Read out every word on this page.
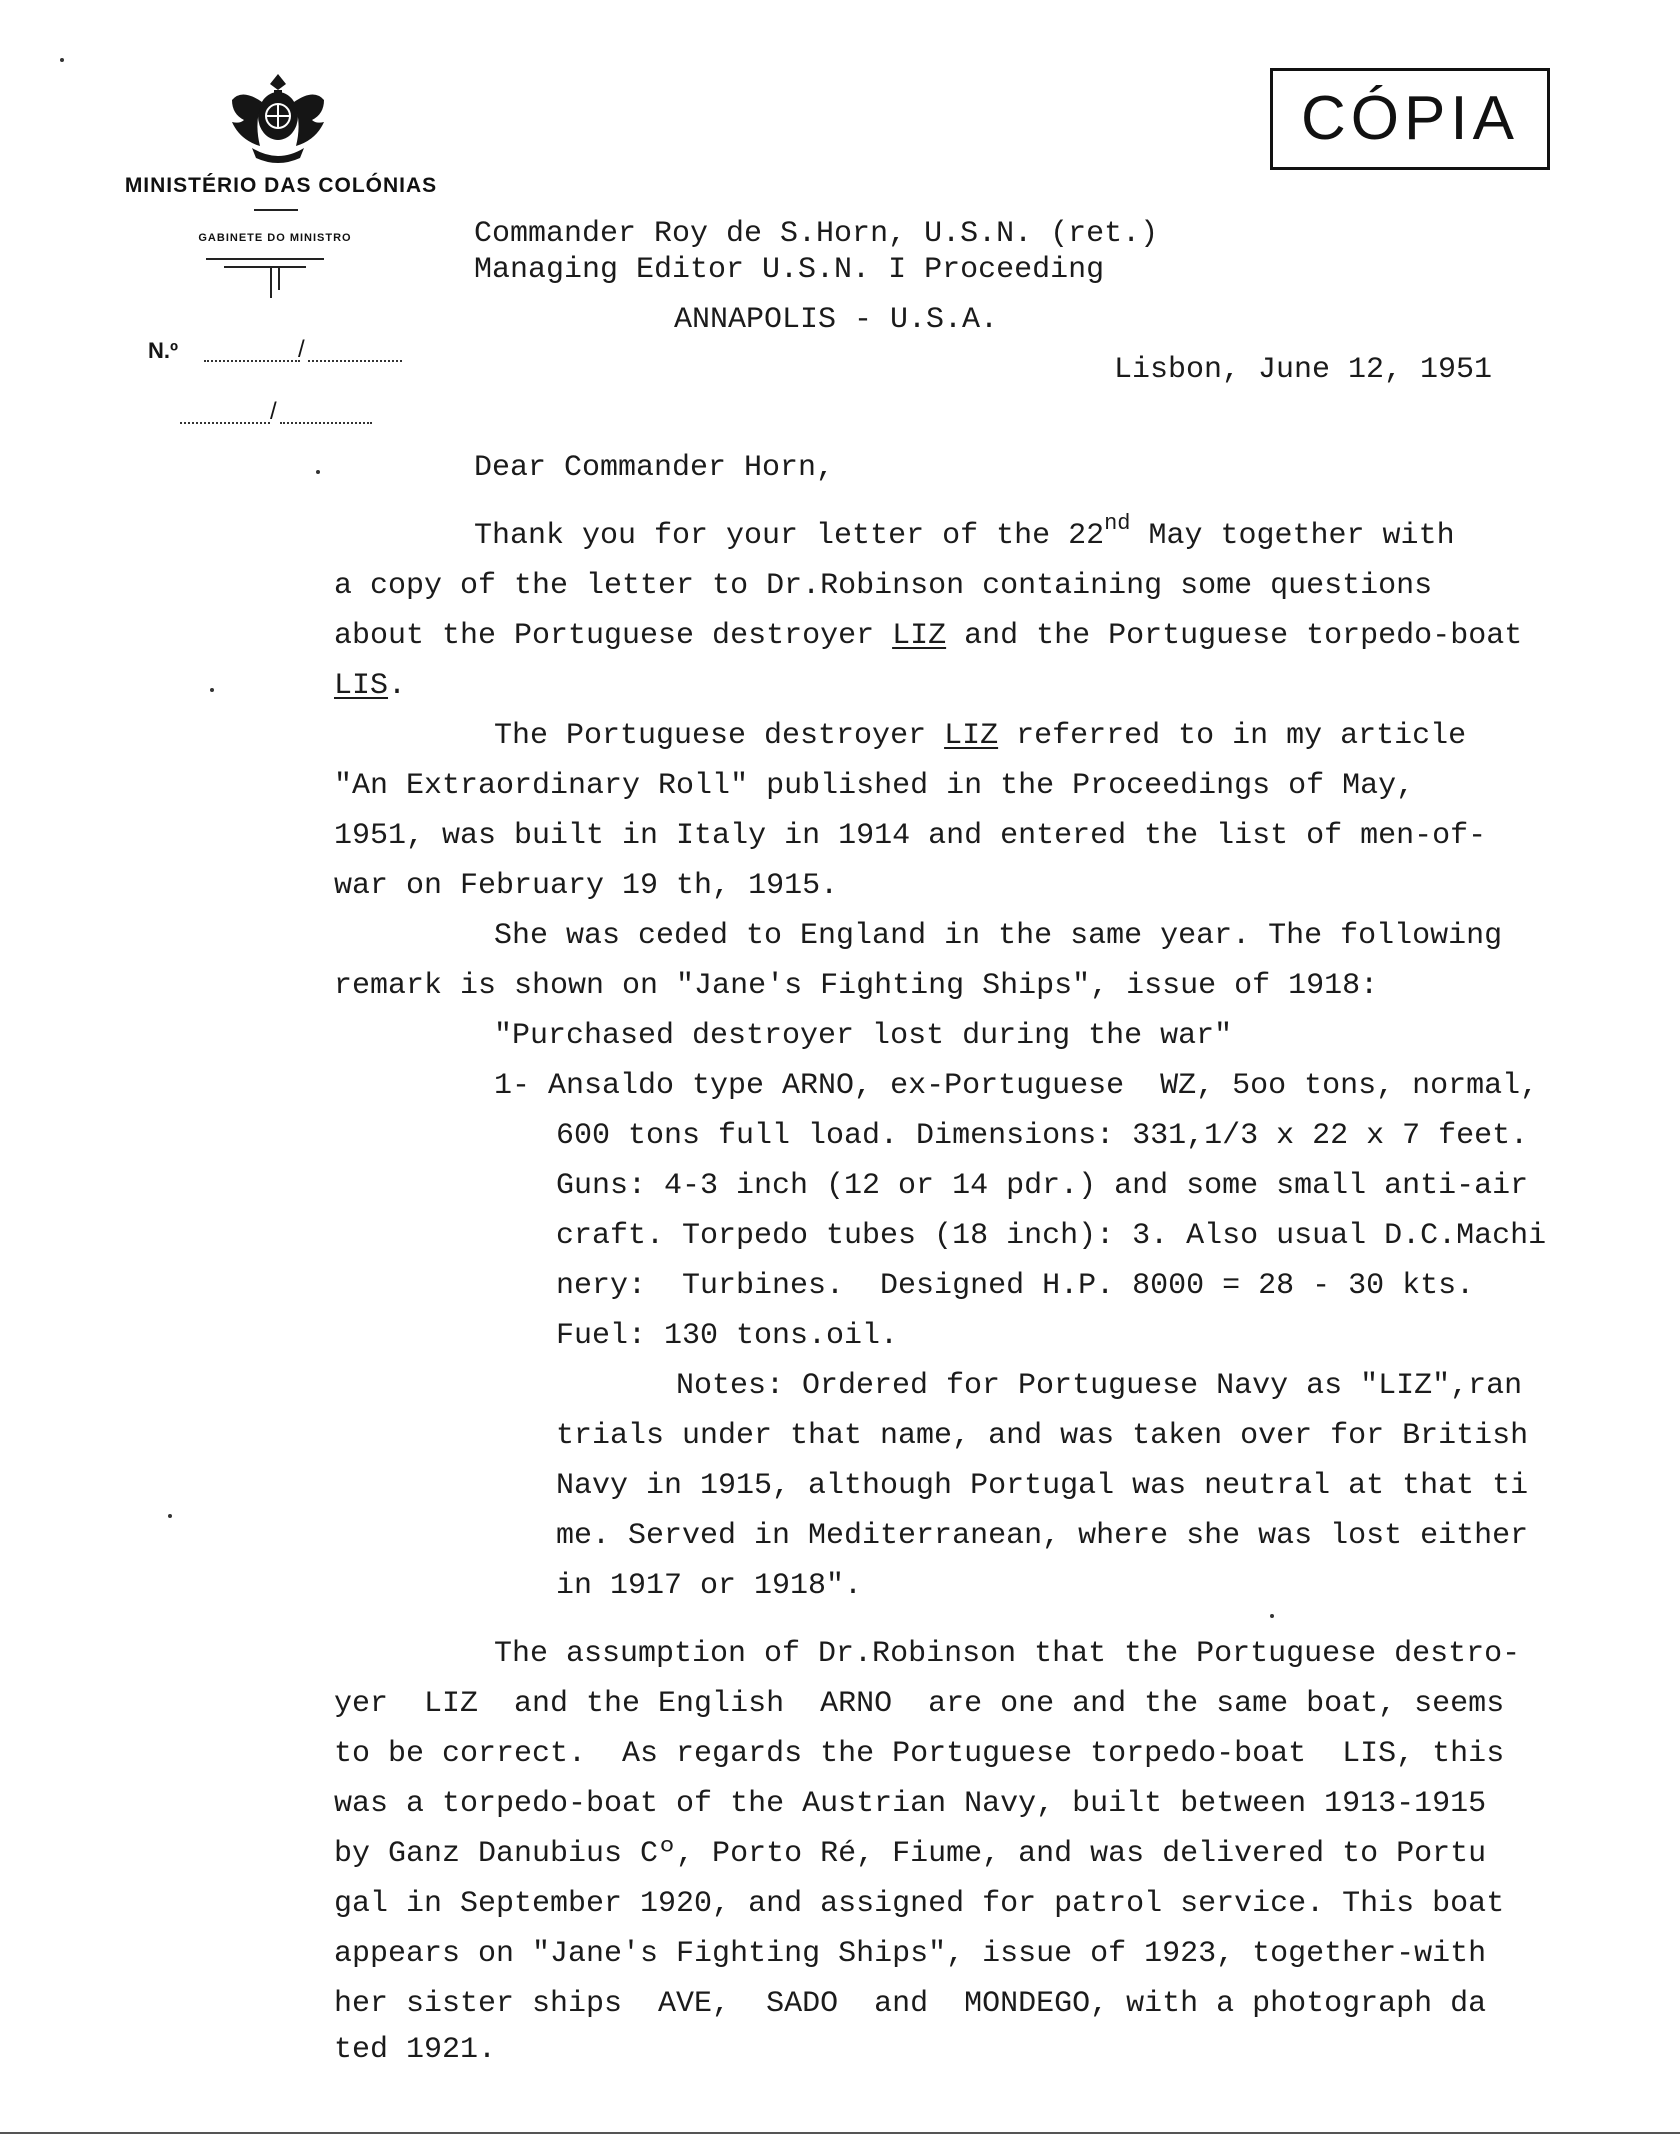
MINISTÉRIO DAS COLÓNIAS
GABINETE DO MINISTRO
N.º	/
/
CÓPIA
Commander Roy de S.Horn, U.S.N. (ret.)
Managing Editor U.S.N. I Proceeding
ANNAPOLIS - U.S.A.
Lisbon, June 12, 1951
Dear Commander Horn,
Thank you for your letter of the 22nd May together with
a copy of the letter to Dr.Robinson containing some questions
about the Portuguese destroyer LIZ and the Portuguese torpedo-boat
LIS.
The Portuguese destroyer LIZ referred to in my article
"An Extraordinary Roll" published in the Proceedings of May,
1951, was built in Italy in 1914 and entered the list of men-of-
war on February 19 th, 1915.
She was ceded to England in the same year. The following
remark is shown on "Jane's Fighting Ships", issue of 1918:
"Purchased destroyer lost during the war"
1- Ansaldo type ARNO, ex-Portuguese  WZ, 5oo tons, normal,
600 tons full load. Dimensions: 331,1/3 x 22 x 7 feet.
Guns: 4-3 inch (12 or 14 pdr.) and some small anti-air
craft. Torpedo tubes (18 inch): 3. Also usual D.C.Machi
nery:  Turbines.  Designed H.P. 8000 = 28 - 30 kts.
Fuel: 130 tons.oil.
Notes: Ordered for Portuguese Navy as "LIZ",ran
trials under that name, and was taken over for British
Navy in 1915, although Portugal was neutral at that ti
me. Served in Mediterranean, where she was lost either
in 1917 or 1918".
The assumption of Dr.Robinson that the Portuguese destro-
yer  LIZ  and the English  ARNO  are one and the same boat, seems
to be correct.  As regards the Portuguese torpedo-boat  LIS, this
was a torpedo-boat of the Austrian Navy, built between 1913-1915
by Ganz Danubius Cº, Porto Ré, Fiume, and was delivered to Portu
gal in September 1920, and assigned for patrol service. This boat
appears on "Jane's Fighting Ships", issue of 1923, together-with
her sister ships  AVE,  SADO  and  MONDEGO, with a photograph da
ted 1921.
